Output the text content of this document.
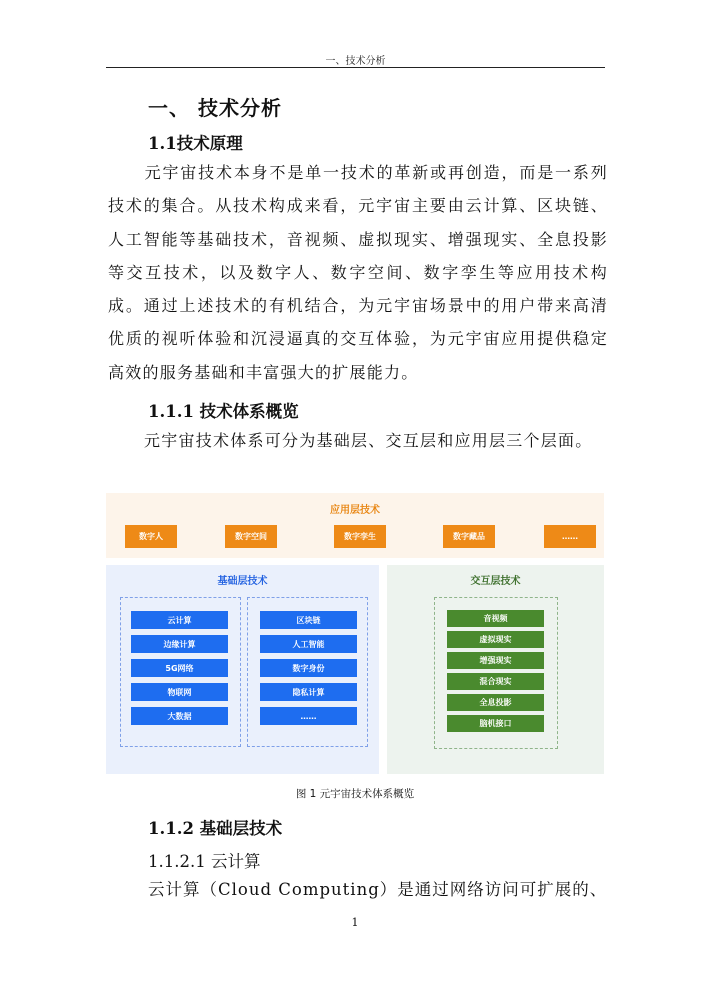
一、技术分析
一、 技术分析
1.1技术原理

元宇宙技术本身不是单一技术的革新或再创造，而是一系列技术的集合。从技术构成来看，元宇宙主要由云计算、区块链、人工智能等基础技术，音视频、虚拟现实、增强现实、全息投影等交互技术，以及数字人、数字空间、数字孪生等应用技术构成。通过上述技术的有机结合，为元宇宙场景中的用户带来高清优质的视听体验和沉浸逼真的交互体验，为元宇宙应用提供稳定高效的服务基础和丰富强大的扩展能力。

1.1.1 技术体系概览

元宇宙技术体系可分为基础层、交互层和应用层三个层面。

应用层技术
数字人	数字空间	数字孪生	数字藏品	……
基础层技术
云计算
边缘计算
5G网络
物联网
大数据
区块链
人工智能
数字身份
隐私计算
……
交互层技术
音视频
虚拟现实
增强现实
混合现实
全息投影
脑机接口
图 1 元宇宙技术体系概览
1.1.2 基础层技术
1.1.2.1 云计算
云计算（Cloud Computing）是通过网络访问可扩展的、
1
